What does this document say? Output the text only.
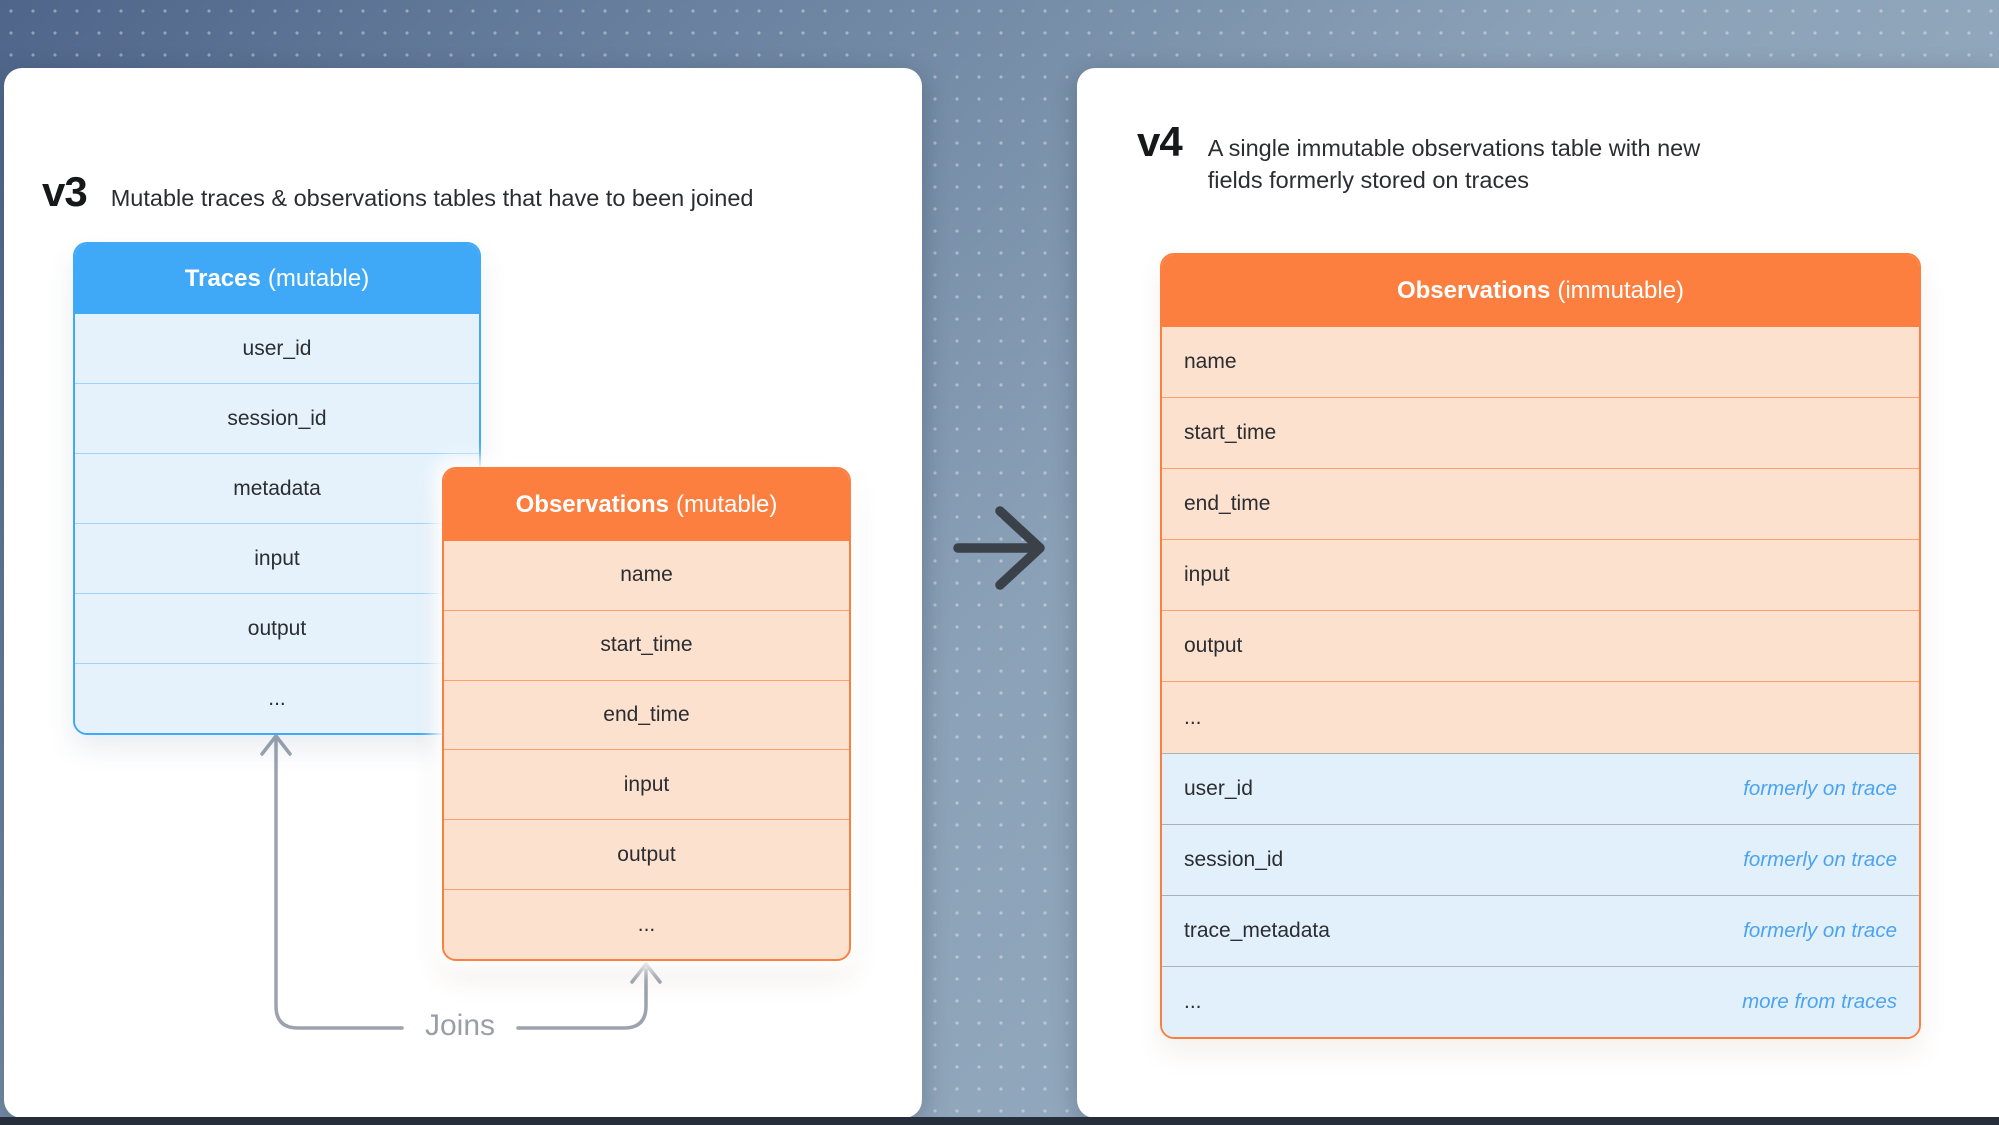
v3 Mutable traces & observations tables that have to been joined
Joins
Traces (mutable)
user_id
session_id
metadata
input
output
...
Observations (mutable)
name
start_time
end_time
input
output
...
v4 A single immutable observations table with new fields formerly stored on traces
Observations (immutable)
name
start_time
end_time
input
output
...
user_id	formerly on trace
session_id	formerly on trace
trace_metadata	formerly on trace
...	more from traces
